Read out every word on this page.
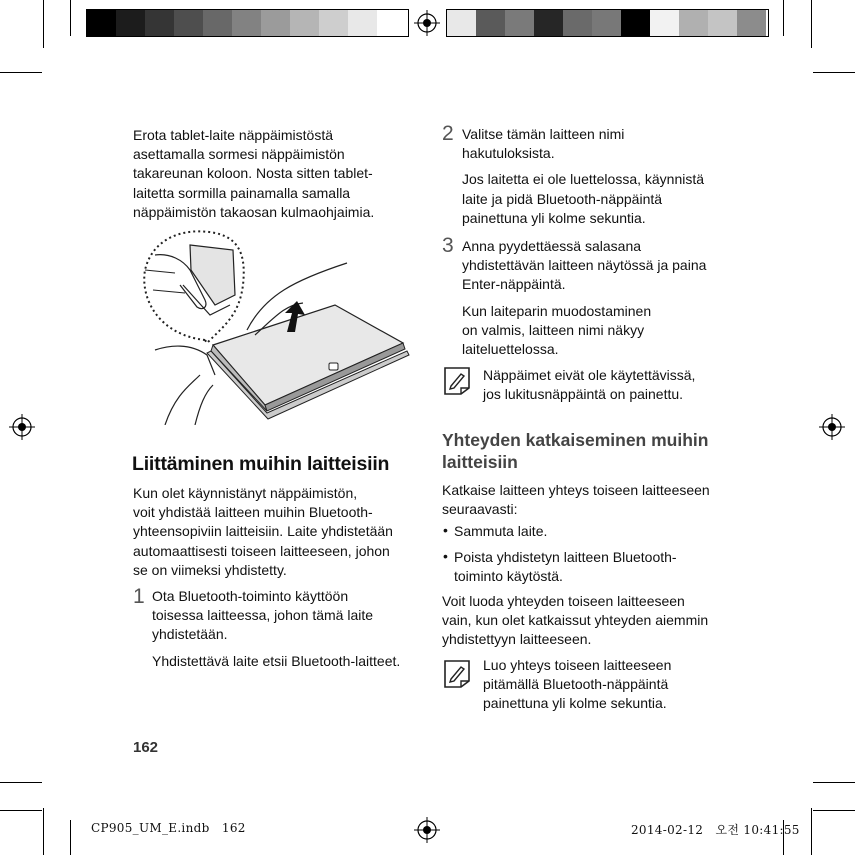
Erota tablet-laite näppäimistöstä

asettamalla sormesi näppäimistön

takareunan koloon. Nosta sitten tablet-

laitetta sormilla painamalla samalla

näppäimistön takaosan kulmaohjaimia.

Liittäminen muihin laitteisiin

Kun olet käynnistänyt näppäimistön,

voit yhdistää laitteen muihin Bluetooth-

yhteensopiviin laitteisiin. Laite yhdistetään

automaattisesti toiseen laitteeseen, johon

se on viimeksi yhdistetty.

1 Ota Bluetooth-toiminto käyttöön

toisessa laitteessa, johon tämä laite

yhdistetään.

Yhdistettävä laite etsii Bluetooth-laitteet.

162
2 Valitse tämän laitteen nimi

hakutuloksista.

Jos laitetta ei ole luettelossa, käynnistä

laite ja pidä Bluetooth-näppäintä

painettuna yli kolme sekuntia.

3 Anna pyydettäessä salasana

yhdistettävän laitteen näytössä ja paina

Enter-näppäintä.

Kun laiteparin muodostaminen

on valmis, laitteen nimi näkyy

laiteluettelossa.

Näppäimet eivät ole käytettävissä,

jos lukitusnäppäintä on painettu.

Yhteyden katkaiseminen muihin
laitteisiin

Katkaise laitteen yhteys toiseen laitteeseen

seuraavasti:

• Sammuta laite.

• Poista yhdistetyn laitteen Bluetooth-

toiminto käytöstä.

Voit luoda yhteyden toiseen laitteeseen

vain, kun olet katkaissut yhteyden aiemmin

yhdistettyyn laitteeseen.

Luo yhteys toiseen laitteeseen

pitämällä Bluetooth-näppäintä

painettuna yli kolme sekuntia.

CP905_UM_E.indb   162	2014-02-12   오전 10:41:55
